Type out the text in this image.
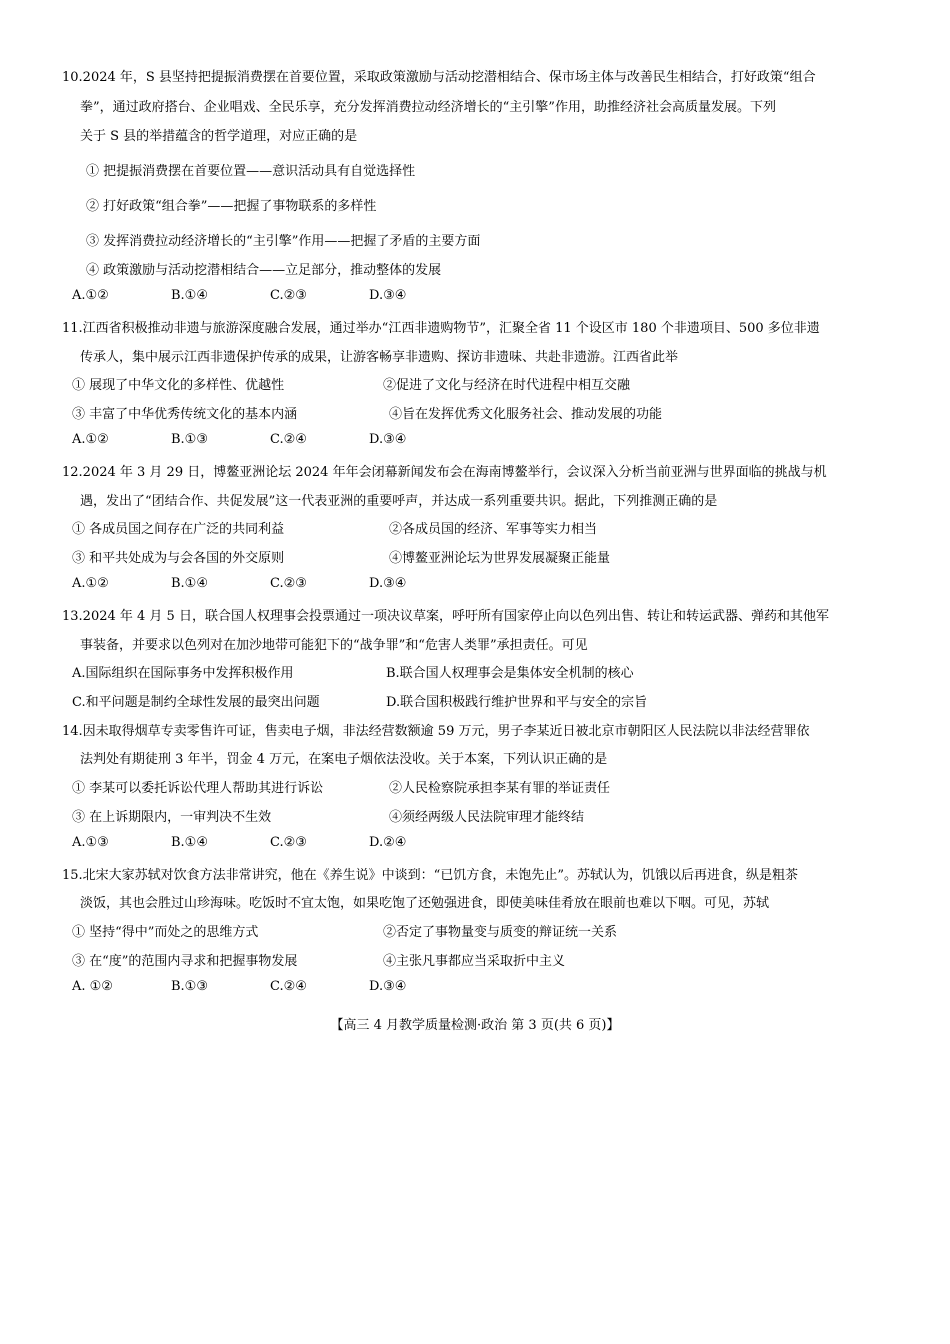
10.2024 年，S 县坚持把提振消费摆在首要位置，采取政策激励与活动挖潜相结合、保市场主体与改善民生相结合，打好政策“组合
拳”，通过政府搭台、企业唱戏、全民乐享，充分发挥消费拉动经济增长的“主引擎”作用，助推经济社会高质量发展。下列
关于 S 县的举措蕴含的哲学道理，对应正确的是
① 把提振消费摆在首要位置——意识活动具有自觉选择性
② 打好政策“组合拳”——把握了事物联系的多样性
③ 发挥消费拉动经济增长的“主引擎”作用——把握了矛盾的主要方面
④ 政策激励与活动挖潜相结合——立足部分，推动整体的发展
A.①②	B.①④	C.②③	D.③④
11.江西省积极推动非遗与旅游深度融合发展，通过举办“江西非遗购物节”，汇聚全省 11 个设区市 180 个非遗项目、500 多位非遗
传承人，集中展示江西非遗保护传承的成果，让游客畅享非遗购、探访非遗味、共赴非遗游。江西省此举
① 展现了中华文化的多样性、优越性	②促进了文化与经济在时代进程中相互交融
③ 丰富了中华优秀传统文化的基本内涵	④旨在发挥优秀文化服务社会、推动发展的功能
A.①②	B.①③	C.②④	D.③④
12.2024 年 3 月 29 日，博鳌亚洲论坛 2024 年年会闭幕新闻发布会在海南博鳌举行，会议深入分析当前亚洲与世界面临的挑战与机
遇，发出了“团结合作、共促发展”这一代表亚洲的重要呼声，并达成一系列重要共识。据此，下列推测正确的是
① 各成员国之间存在广泛的共同利益	②各成员国的经济、军事等实力相当
③ 和平共处成为与会各国的外交原则	④博鳌亚洲论坛为世界发展凝聚正能量
A.①②	B.①④	C.②③	D.③④
13.2024 年 4 月 5 日，联合国人权理事会投票通过一项决议草案，呼吁所有国家停止向以色列出售、转让和转运武器、弹药和其他军
事装备，并要求以色列对在加沙地带可能犯下的“战争罪”和“危害人类罪”承担责任。可见
A.国际组织在国际事务中发挥积极作用	B.联合国人权理事会是集体安全机制的核心
C.和平问题是制约全球性发展的最突出问题	D.联合国积极践行维护世界和平与安全的宗旨
14.因未取得烟草专卖零售许可证，售卖电子烟，非法经营数额逾 59 万元，男子李某近日被北京市朝阳区人民法院以非法经营罪依
法判处有期徒刑 3 年半，罚金 4 万元，在案电子烟依法没收。关于本案，下列认识正确的是
① 李某可以委托诉讼代理人帮助其进行诉讼	②人民检察院承担李某有罪的举证责任
③ 在上诉期限内，一审判决不生效	④须经两级人民法院审理才能终结
A.①③	B.①④	C.②③	D.②④
15.北宋大家苏轼对饮食方法非常讲究，他在《养生说》中谈到：“已饥方食，未饱先止”。苏轼认为，饥饿以后再进食，纵是粗茶
淡饭，其也会胜过山珍海味。吃饭时不宜太饱，如果吃饱了还勉强进食，即使美味佳肴放在眼前也难以下咽。可见，苏轼
① 坚持“得中”而处之的思维方式	②否定了事物量变与质变的辩证统一关系
③ 在“度”的范围内寻求和把握事物发展	④主张凡事都应当采取折中主义
A. ①②	B.①③	C.②④	D.③④
【高三 4 月教学质量检测·政治 第 3 页(共 6 页)】
